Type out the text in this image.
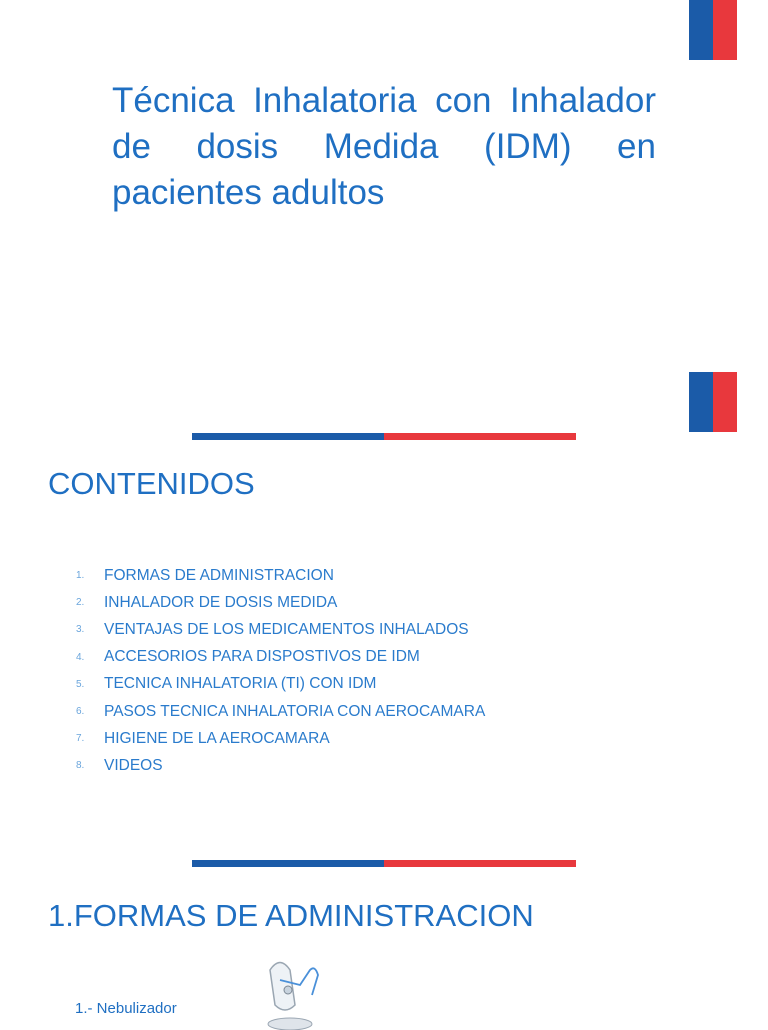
Técnica Inhalatoria con Inhalador de dosis Medida (IDM) en pacientes adultos
CONTENIDOS
1.	FORMAS DE ADMINISTRACION
2.	INHALADOR DE DOSIS MEDIDA
3.	VENTAJAS DE LOS MEDICAMENTOS INHALADOS
4.	ACCESORIOS PARA DISPOSTIVOS DE IDM
5.	TECNICA INHALATORIA (TI) CON IDM
6.	PASOS TECNICA INHALATORIA CON AEROCAMARA
7.	HIGIENE DE LA AEROCAMARA
8.	VIDEOS
1.FORMAS DE ADMINISTRACION
1.- Nebulizador
